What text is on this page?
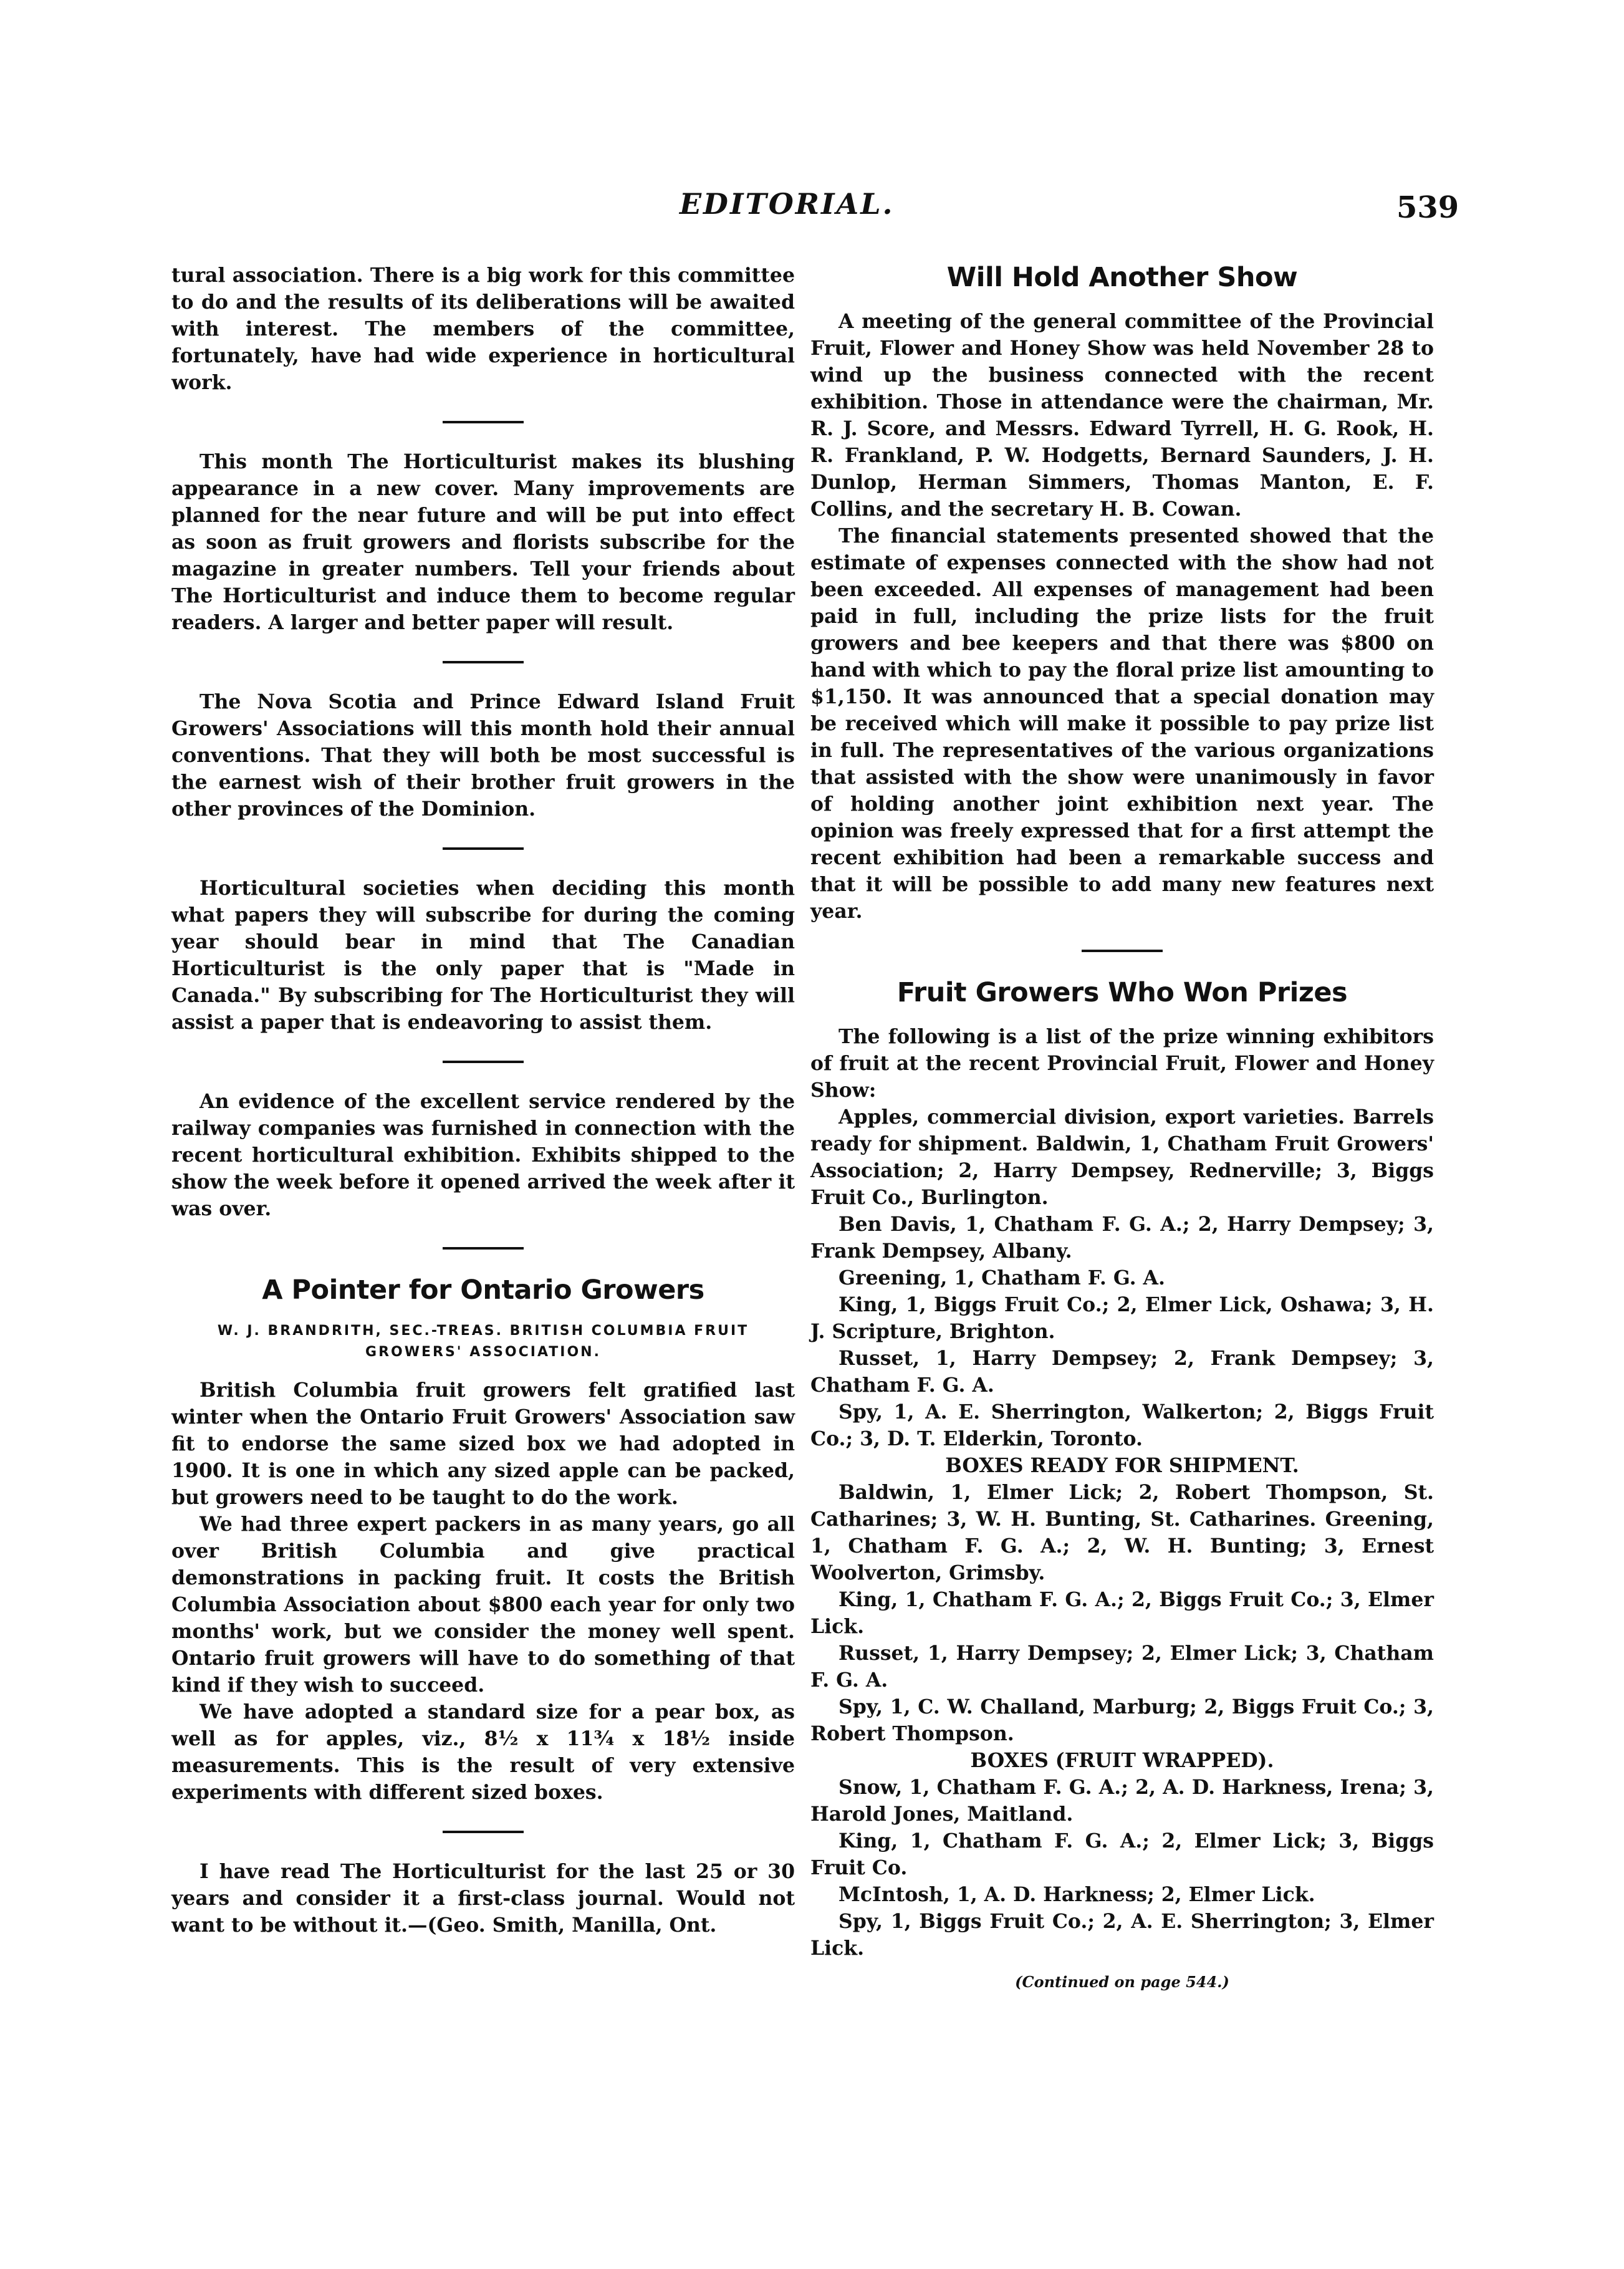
EDITORIAL.	539

tural association. There is a big work for this committee to do and the results of its deliberations will be awaited with interest. The members of the committee, fortunately, have had wide experience in horticultural work.

This month The Horticulturist makes its blushing appearance in a new cover. Many improvements are planned for the near future and will be put into effect as soon as fruit growers and florists subscribe for the magazine in greater numbers. Tell your friends about The Horticulturist and induce them to become regular readers. A larger and better paper will result.

The Nova Scotia and Prince Edward Island Fruit Growers' Associations will this month hold their annual conventions. That they will both be most successful is the earnest wish of their brother fruit growers in the other provinces of the Dominion.

Horticultural societies when deciding this month what papers they will subscribe for during the coming year should bear in mind that The Canadian Horticulturist is the only paper that is "Made in Canada." By subscribing for The Horticulturist they will assist a paper that is endeavoring to assist them.

An evidence of the excellent service rendered by the railway companies was furnished in connection with the recent horticultural exhibition. Exhibits shipped to the show the week before it opened arrived the week after it was over.

A Pointer for Ontario Growers
W. J. BRANDRITH, SEC.-TREAS. BRITISH COLUMBIA FRUIT GROWERS' ASSOCIATION.

British Columbia fruit growers felt gratified last winter when the Ontario Fruit Growers' Association saw fit to endorse the same sized box we had adopted in 1900. It is one in which any sized apple can be packed, but growers need to be taught to do the work.

We had three expert packers in as many years, go all over British Columbia and give practical demonstrations in packing fruit. It costs the British Columbia Association about $800 each year for only two months' work, but we consider the money well spent. Ontario fruit growers will have to do something of that kind if they wish to succeed.

We have adopted a standard size for a pear box, as well as for apples, viz., 8½ x 11¾ x 18½ inside measurements. This is the result of very extensive experiments with different sized boxes.

I have read The Horticulturist for the last 25 or 30 years and consider it a first-class journal. Would not want to be without it.—(Geo. Smith, Manilla, Ont.

Will Hold Another Show

A meeting of the general committee of the Provincial Fruit, Flower and Honey Show was held November 28 to wind up the business connected with the recent exhibition. Those in attendance were the chairman, Mr. R. J. Score, and Messrs. Edward Tyrrell, H. G. Rook, H. R. Frankland, P. W. Hodgetts, Bernard Saunders, J. H. Dunlop, Herman Simmers, Thomas Manton, E. F. Collins, and the secretary H. B. Cowan.

The financial statements presented showed that the estimate of expenses connected with the show had not been exceeded. All expenses of management had been paid in full, including the prize lists for the fruit growers and bee keepers and that there was $800 on hand with which to pay the floral prize list amounting to $1,150. It was announced that a special donation may be received which will make it possible to pay prize list in full. The representatives of the various organizations that assisted with the show were unanimously in favor of holding another joint exhibition next year. The opinion was freely expressed that for a first attempt the recent exhibition had been a remarkable success and that it will be possible to add many new features next year.

Fruit Growers Who Won Prizes

The following is a list of the prize winning exhibitors of fruit at the recent Provincial Fruit, Flower and Honey Show:

Apples, commercial division, export varieties. Barrels ready for shipment. Baldwin, 1, Chatham Fruit Growers' Association; 2, Harry Dempsey, Rednerville; 3, Biggs Fruit Co., Burlington.

Ben Davis, 1, Chatham F. G. A.; 2, Harry Dempsey; 3, Frank Dempsey, Albany.

Greening, 1, Chatham F. G. A.

King, 1, Biggs Fruit Co.; 2, Elmer Lick, Oshawa; 3, H. J. Scripture, Brighton.

Russet, 1, Harry Dempsey; 2, Frank Dempsey; 3, Chatham F. G. A.

Spy, 1, A. E. Sherrington, Walkerton; 2, Biggs Fruit Co.; 3, D. T. Elderkin, Toronto.

BOXES READY FOR SHIPMENT.

Baldwin, 1, Elmer Lick; 2, Robert Thompson, St. Catharines; 3, W. H. Bunting, St. Catharines. Greening, 1, Chatham F. G. A.; 2, W. H. Bunting; 3, Ernest Woolverton, Grimsby.

King, 1, Chatham F. G. A.; 2, Biggs Fruit Co.; 3, Elmer Lick.

Russet, 1, Harry Dempsey; 2, Elmer Lick; 3, Chatham F. G. A.

Spy, 1, C. W. Challand, Marburg; 2, Biggs Fruit Co.; 3, Robert Thompson.

BOXES (FRUIT WRAPPED).

Snow, 1, Chatham F. G. A.; 2, A. D. Harkness, Irena; 3, Harold Jones, Maitland.

King, 1, Chatham F. G. A.; 2, Elmer Lick; 3, Biggs Fruit Co.

McIntosh, 1, A. D. Harkness; 2, Elmer Lick.

Spy, 1, Biggs Fruit Co.; 2, A. E. Sherrington; 3, Elmer Lick.

(Continued on page 544.)
